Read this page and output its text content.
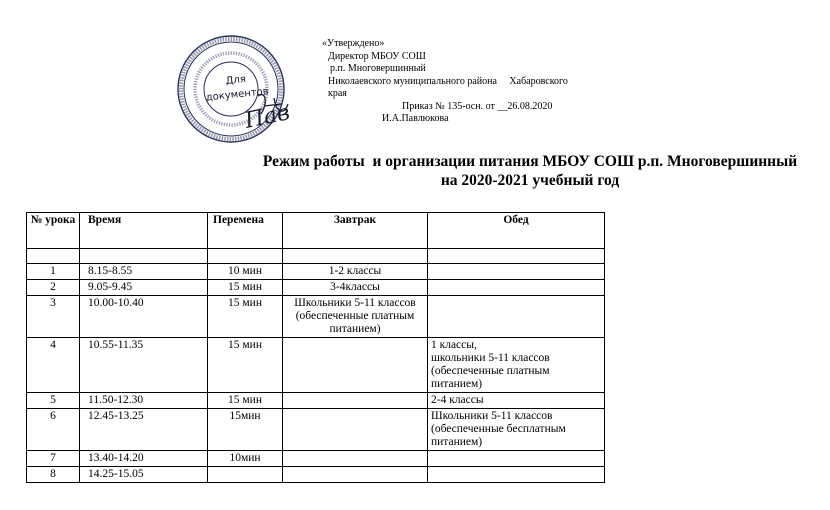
Для
документов
Пав
«Утверждено»
Директор МБОУ СОШ
р.п. Многовершинный
Николаевского муниципального района     Хабаровского
края
Приказ № 135-осн. от __26.08.2020
И.А.Павлюкова
Режим работы  и организации питания МБОУ СОШ р.п. Многовершинный
на 2020-2021 учебный год
№ урока	Время	Перемена	Завтрак	Обед

1	8.15-8.55	10 мин	1-2 классы	
2	9.05-9.45	15 мин	3-4классы	
3	10.00-10.40	15 мин	Школьники 5-11 классов (обеспеченные платным питанием)	
4	10.55-11.35	15 мин		1 классы,
школьники 5-11 классов (обеспеченные платным питанием)
5	11.50-12.30	15 мин		2-4 классы
6	12.45-13.25	15мин		Школьники 5-11 классов (обеспеченные бесплатным питанием)
7	13.40-14.20	10мин		
8	14.25-15.05			
